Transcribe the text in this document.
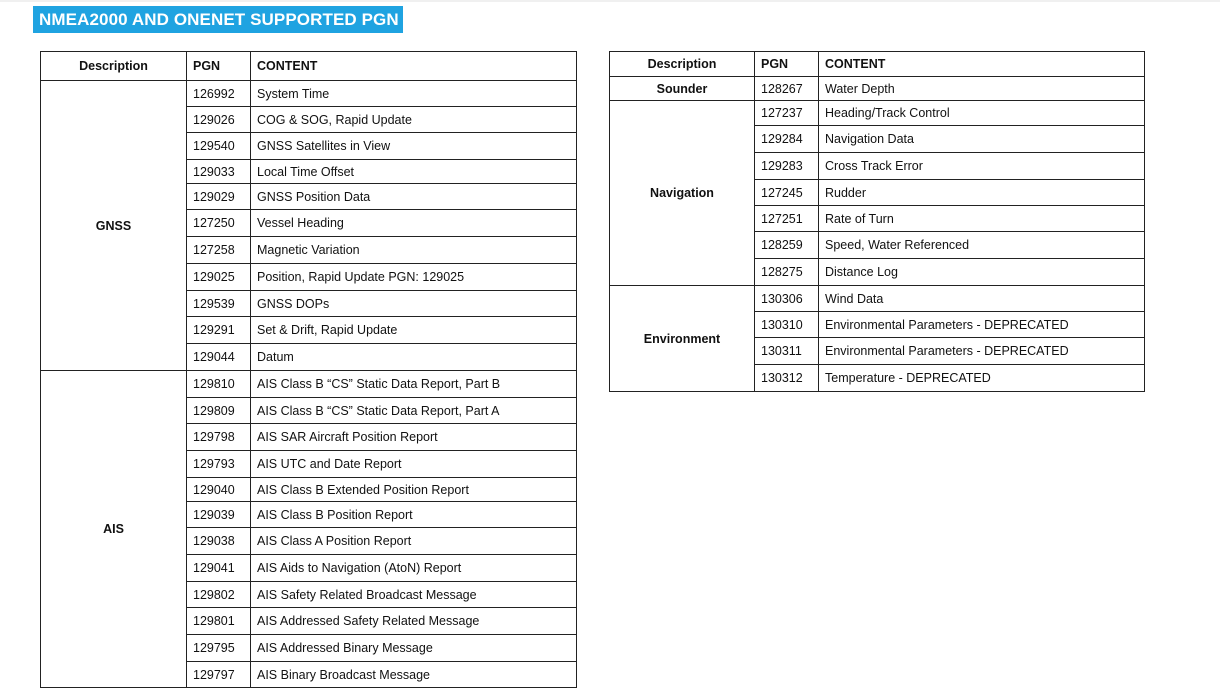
NMEA2000 AND ONENET SUPPORTED PGN
Description	PGN	CONTENT
GNSS	126992	System Time
	129026	COG & SOG, Rapid Update
	129540	GNSS Satellites in View
	129033	Local Time Offset
	129029	GNSS Position Data
	127250	Vessel Heading
	127258	Magnetic Variation
	129025	Position, Rapid Update PGN: 129025
	129539	GNSS DOPs
	129291	Set & Drift, Rapid Update
	129044	Datum
AIS	129810	AIS Class B “CS” Static Data Report, Part B
	129809	AIS Class B “CS” Static Data Report, Part A
	129798	AIS SAR Aircraft Position Report
	129793	AIS UTC and Date Report
	129040	AIS Class B Extended Position Report
	129039	AIS Class B Position Report
	129038	AIS Class A Position Report
	129041	AIS Aids to Navigation (AtoN) Report
	129802	AIS Safety Related Broadcast Message
	129801	AIS Addressed Safety Related Message
	129795	AIS Addressed Binary Message
	129797	AIS Binary Broadcast Message
Description	PGN	CONTENT
Sounder	128267	Water Depth
Navigation	127237	Heading/Track Control
	129284	Navigation Data
	129283	Cross Track Error
	127245	Rudder
	127251	Rate of Turn
	128259	Speed, Water Referenced
	128275	Distance Log
Environment	130306	Wind Data
	130310	Environmental Parameters - DEPRECATED
	130311	Environmental Parameters - DEPRECATED
	130312	Temperature - DEPRECATED
